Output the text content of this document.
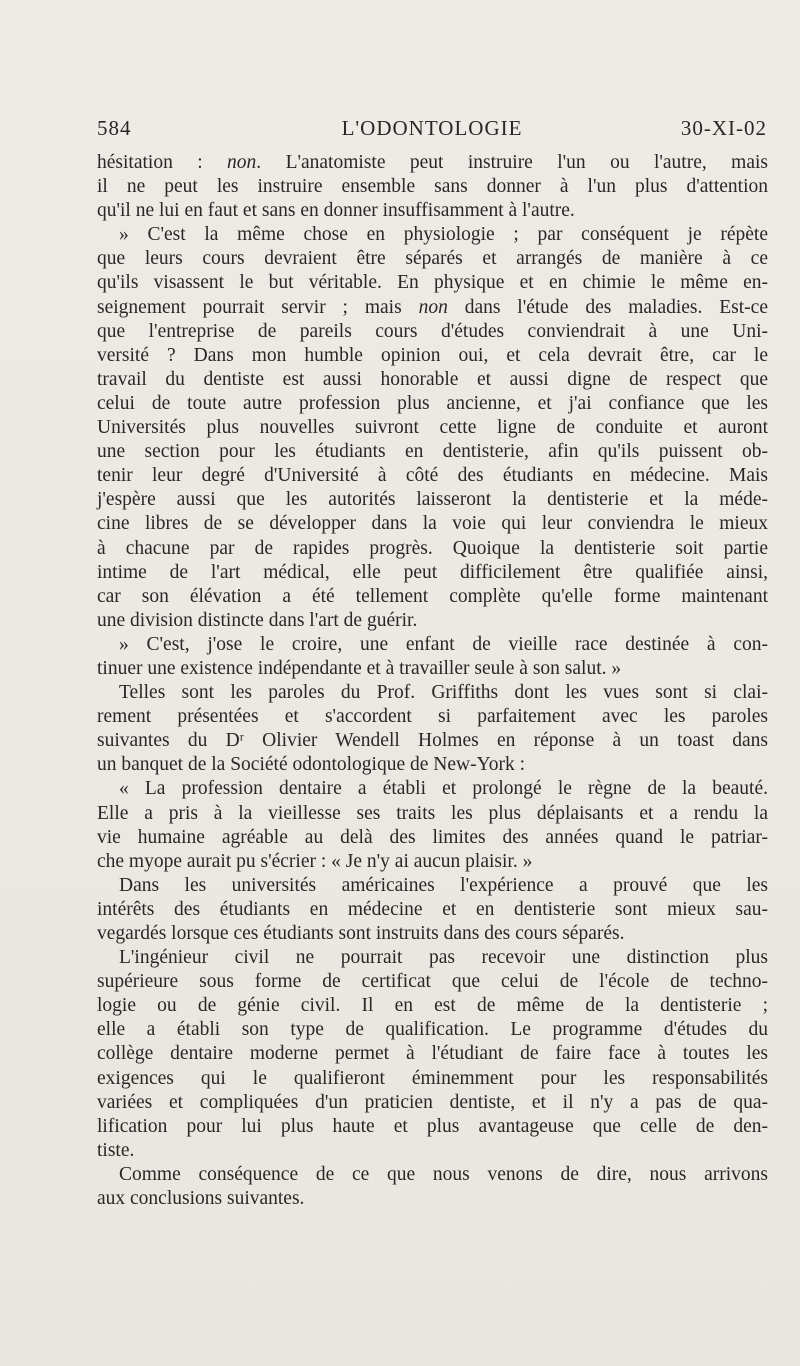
584	L'ODONTOLOGIE	30-XI-02
hésitation : non. L'anatomiste peut instruire l'un ou l'autre, mais
il ne peut les instruire ensemble sans donner à l'un plus d'attention
qu'il ne lui en faut et sans en donner insuffisamment à l'autre.
» C'est la même chose en physiologie ; par conséquent je répète
que leurs cours devraient être séparés et arrangés de manière à ce
qu'ils visassent le but véritable. En physique et en chimie le même en-
seignement pourrait servir ; mais non dans l'étude des maladies. Est-ce
que l'entreprise de pareils cours d'études conviendrait à une Uni-
versité ? Dans mon humble opinion oui, et cela devrait être, car le
travail du dentiste est aussi honorable et aussi digne de respect que
celui de toute autre profession plus ancienne, et j'ai confiance que les
Universités plus nouvelles suivront cette ligne de conduite et auront
une section pour les étudiants en dentisterie, afin qu'ils puissent ob-
tenir leur degré d'Université à côté des étudiants en médecine. Mais
j'espère aussi que les autorités laisseront la dentisterie et la méde-
cine libres de se développer dans la voie qui leur conviendra le mieux
à chacune par de rapides progrès. Quoique la dentisterie soit partie
intime de l'art médical, elle peut difficilement être qualifiée ainsi,
car son élévation a été tellement complète qu'elle forme maintenant
une division distincte dans l'art de guérir.
» C'est, j'ose le croire, une enfant de vieille race destinée à con-
tinuer une existence indépendante et à travailler seule à son salut. »
Telles sont les paroles du Prof. Griffiths dont les vues sont si clai-
rement présentées et s'accordent si parfaitement avec les paroles
suivantes du Dʳ Olivier Wendell Holmes en réponse à un toast dans
un banquet de la Société odontologique de New-York :
« La profession dentaire a établi et prolongé le règne de la beauté.
Elle a pris à la vieillesse ses traits les plus déplaisants et a rendu la
vie humaine agréable au delà des limites des années quand le patriar-
che myope aurait pu s'écrier : « Je n'y ai aucun plaisir. »
Dans les universités américaines l'expérience a prouvé que les
intérêts des étudiants en médecine et en dentisterie sont mieux sau-
vegardés lorsque ces étudiants sont instruits dans des cours séparés.
L'ingénieur civil ne pourrait pas recevoir une distinction plus
supérieure sous forme de certificat que celui de l'école de techno-
logie ou de génie civil. Il en est de même de la dentisterie ;
elle a établi son type de qualification. Le programme d'études du
collège dentaire moderne permet à l'étudiant de faire face à toutes les
exigences qui le qualifieront éminemment pour les responsabilités
variées et compliquées d'un praticien dentiste, et il n'y a pas de qua-
lification pour lui plus haute et plus avantageuse que celle de den-
tiste.
Comme conséquence de ce que nous venons de dire, nous arrivons
aux conclusions suivantes.
